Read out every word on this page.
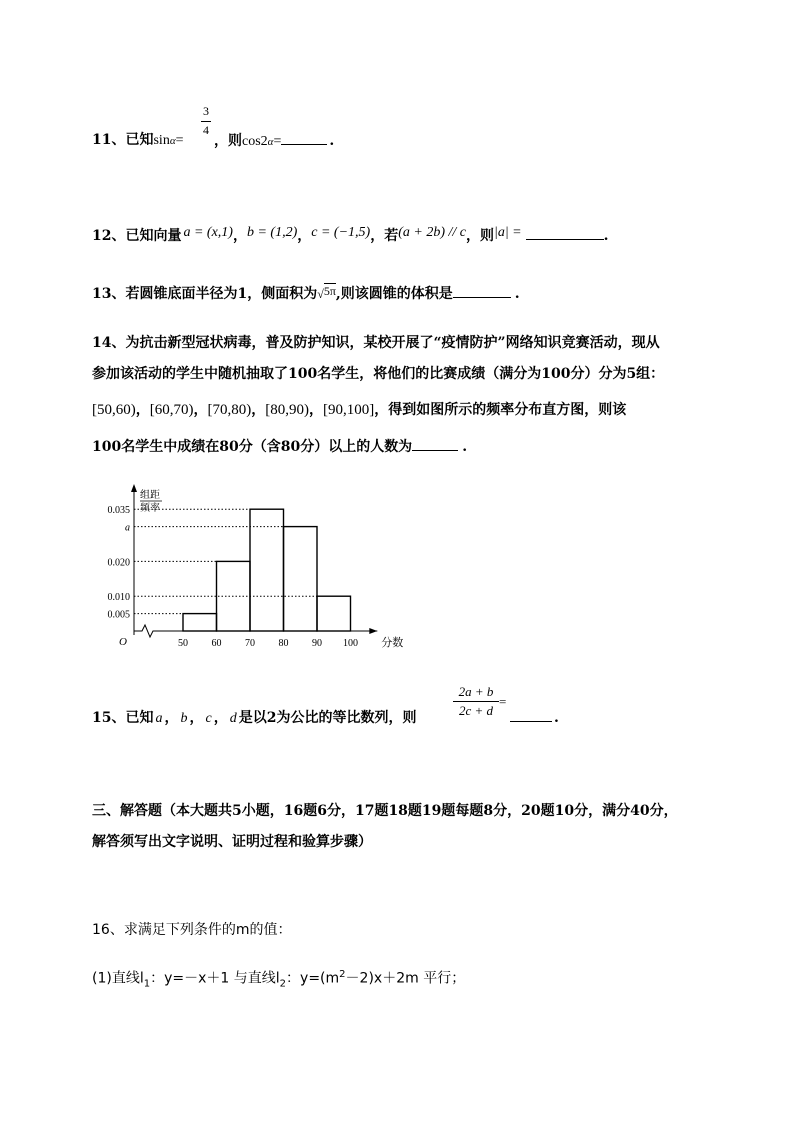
11、已知sinα=
3
4
，则cos2α=	.
12、已知向量 a = (x,1)，b = (1,2)，c = (−1,5)，若(a + 2b) // c，则|a| =	.
13、若圆锥底面半径为1，侧面积为√5π,则该圆锥的体积是	.
14、为抗击新型冠状病毒，普及防护知识，某校开展了“疫情防护”网络知识竞赛活动，现从
参加该活动的学生中随机抽取了100名学生，将他们的比赛成绩（满分为100分）分为5组：
[50,60)，[60,70)，[70,80)，[80,90)，[90,100]，得到如图所示的频率分布直方图，则该
100名学生中成绩在80分（含80分）以上的人数为	.
O
组距
频率
分数
0.005
0.010
0.020
a
0.035
50 60 70 80 90 100
15、已知 a ， b ， c ， d 是以2为公比的等比数列，则
2a + b
2c + d
=
.
三、解答题（本大题共5小题，16题6分，17题18题19题每题8分，20题10分，满分40分，
解答须写出文字说明、证明过程和验算步骤）
16、求满足下列条件的m的值：
(1)直线$l_1$：y=－x＋1 与直线$l_2$：$y=(m^2-2)x+2m$ 平行；
